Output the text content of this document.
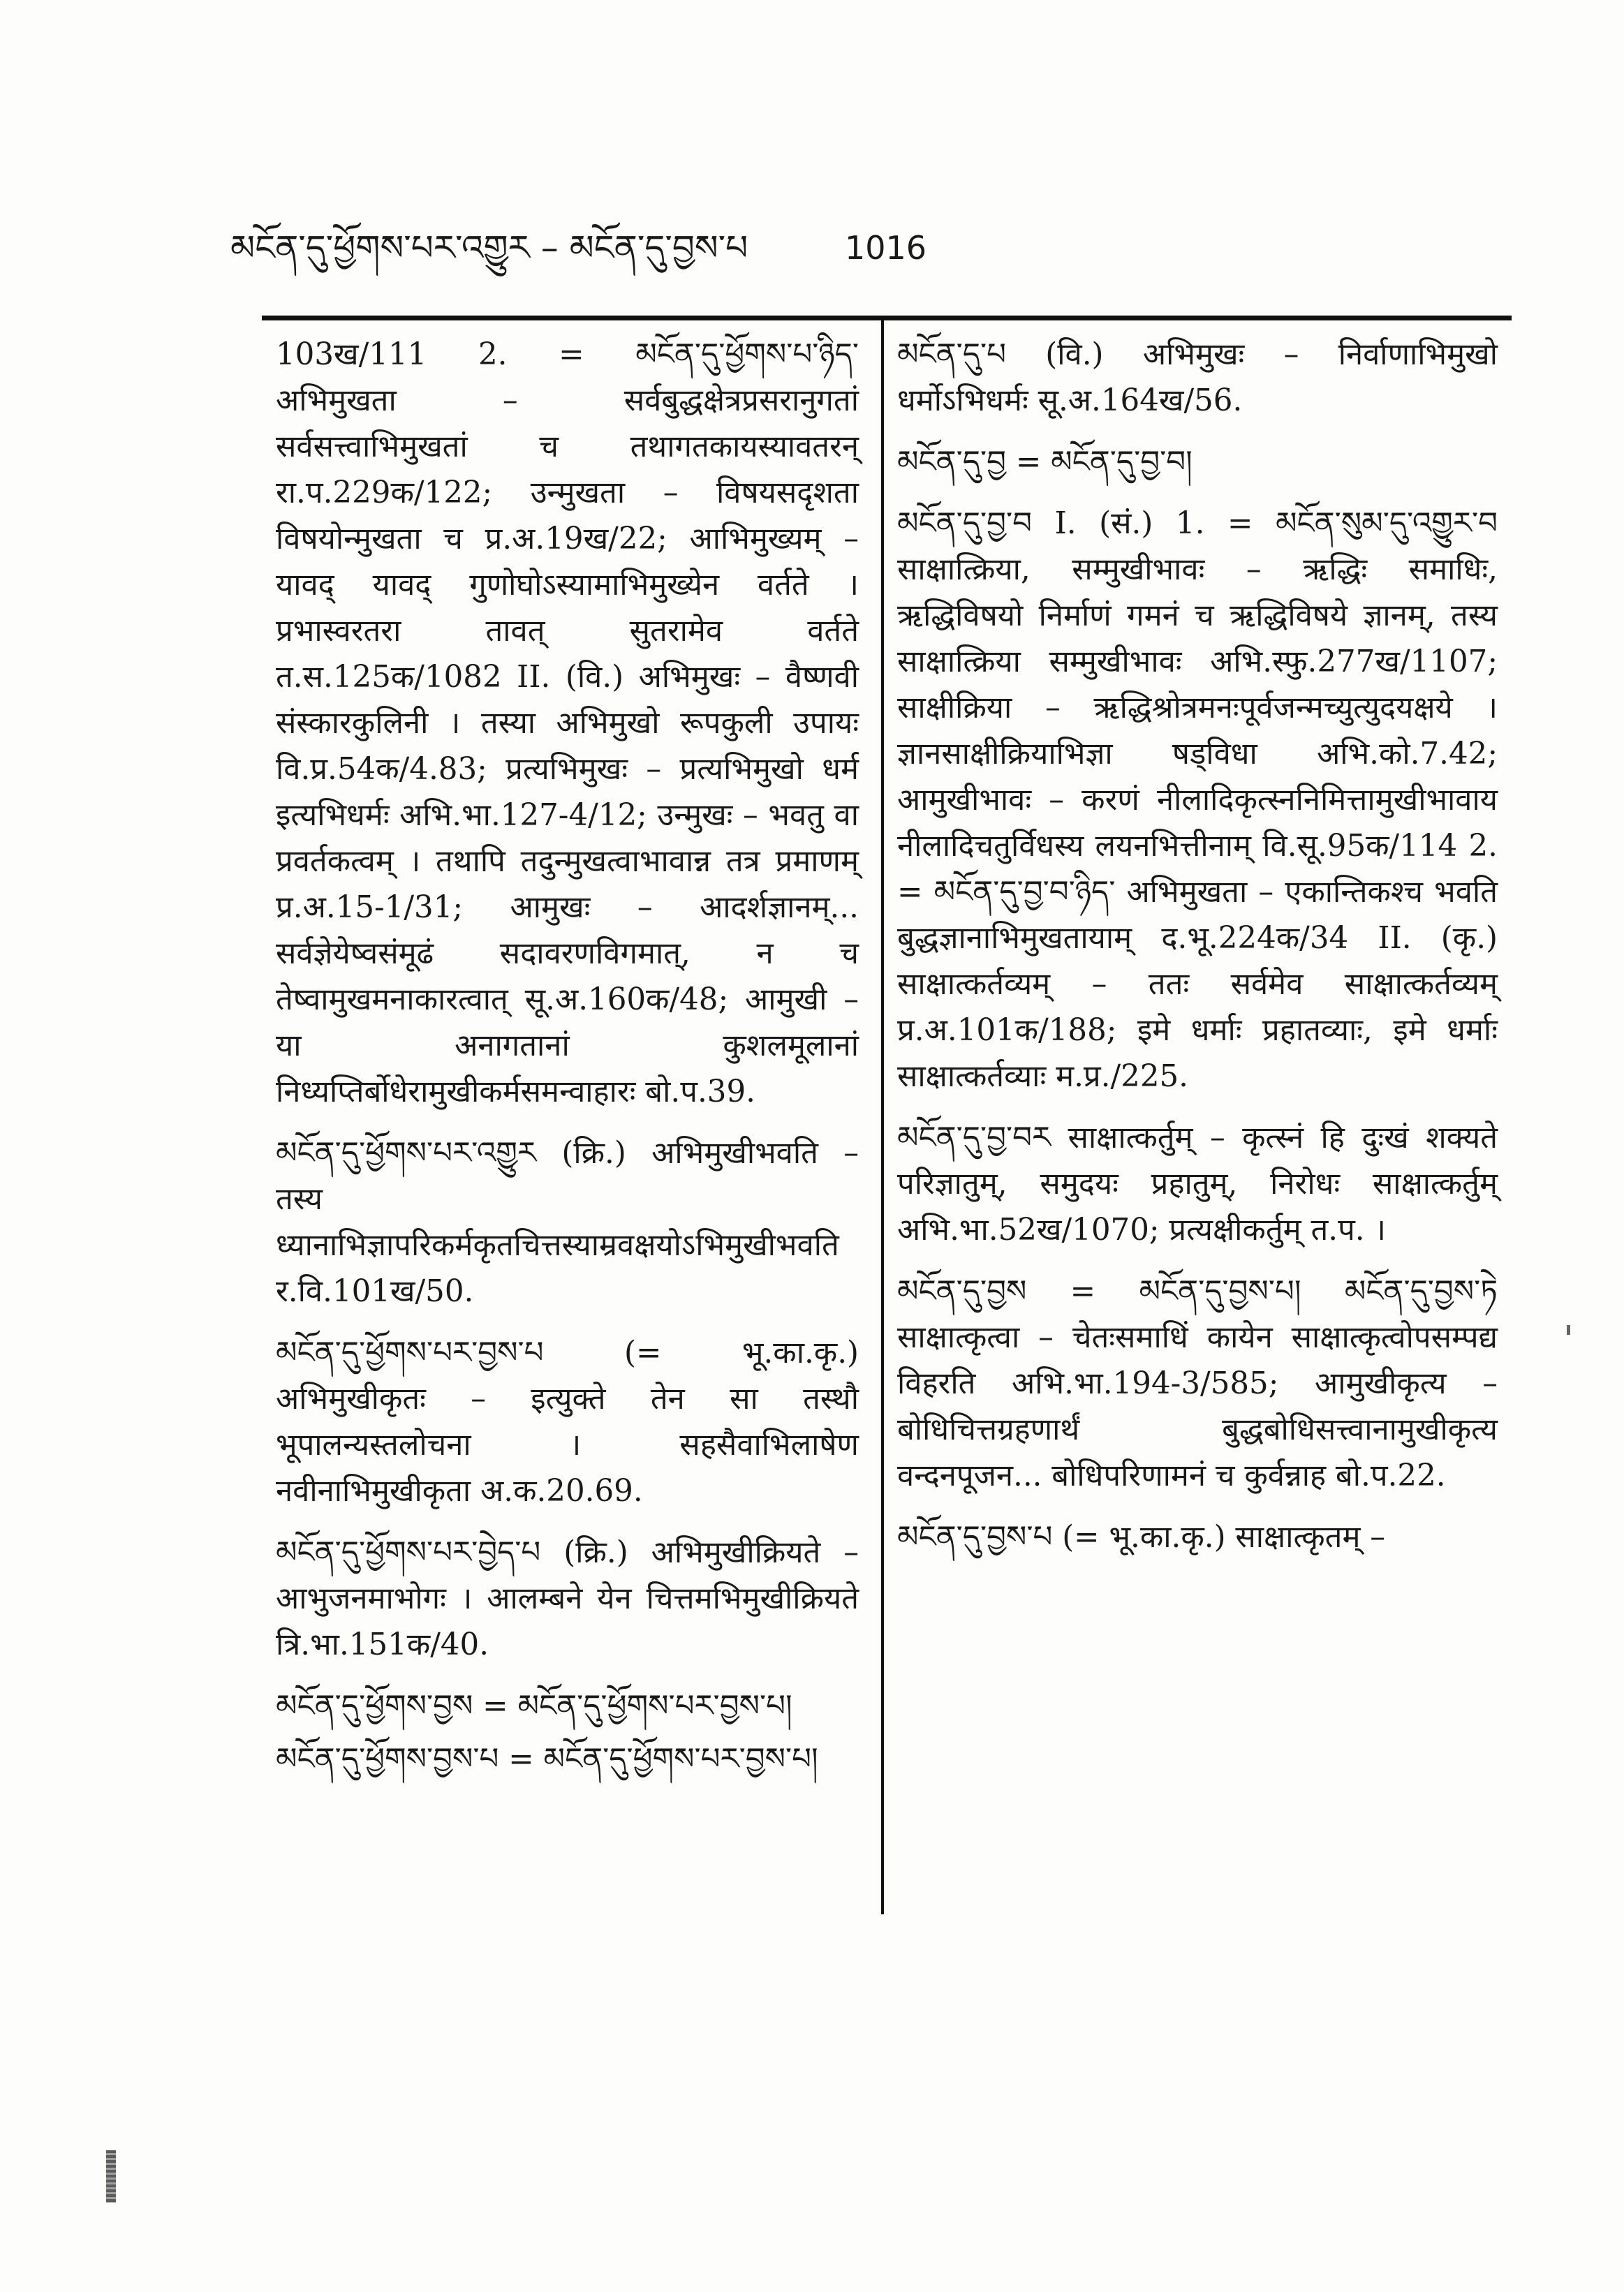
མངོན་དུ་ཕྱོགས་པར་འགྱུར – མངོན་དུ་བྱས་པ	1016

103ख/111 2. = མངོན་དུ་ཕྱོགས་པ་ཉིད་ अभिमुखता – सर्वबुद्धक्षेत्रप्रसरानुगतां सर्वसत्त्वाभिमुखतां च तथागतकायस्यावतरन् रा.प.229क/122; उन्मुखता – विषयसदृशता विषयोन्मुखता च प्र.अ.19ख/22; आभिमुख्यम् – यावद् यावद् गुणोघोऽस्यामाभिमुख्येन वर्तते । प्रभास्वरतरा तावत् सुतरामेव वर्तते त.स.125क/1082 II. (वि.) अभिमुखः – वैष्णवी संस्कारकुलिनी । तस्या अभिमुखो रूपकुली उपायः वि.प्र.54क/4.83; प्रत्यभिमुखः – प्रत्यभिमुखो धर्म इत्यभिधर्मः अभि.भा.127-4/12; उन्मुखः – भवतु वा प्रवर्तकत्वम् । तथापि तदुन्मुखत्वाभावान्न तत्र प्रमाणम् प्र.अ.15-1/31; आमुखः – आदर्शज्ञानम्... सर्वज्ञेयेष्वसंमूढं सदावरणविगमात्, न च तेष्वामुखमनाकारत्वात् सू.अ.160क/48; आमुखी – या अनागतानां कुशलमूलानां निध्यप्तिर्बोधेरामुखीकर्मसमन्वाहारः बो.प.39.

མངོན་དུ་ཕྱོགས་པར་འགྱུར (क्रि.) अभिमुखीभवति – तस्य ध्यानाभिज्ञापरिकर्मकृतचित्तस्याम्रवक्षयोऽभिमुखीभवति र.वि.101ख/50.

མངོན་དུ་ཕྱོགས་པར་བྱས་པ (= भू.का.कृ.) अभिमुखीकृतः – इत्युक्ते तेन सा तस्थौ भूपालन्यस्तलोचना । सहसैवाभिलाषेण नवीनाभिमुखीकृता अ.क.20.69.

མངོན་དུ་ཕྱོགས་པར་བྱེད་པ (क्रि.) अभिमुखीक्रियते – आभुजनमाभोगः । आलम्बने येन चित्तमभिमुखीक्रियते त्रि.भा.151क/40.

མངོན་དུ་ཕྱོགས་བྱས = མངོན་དུ་ཕྱོགས་པར་བྱས་པ།

མངོན་དུ་ཕྱོགས་བྱས་པ = མངོན་དུ་ཕྱོགས་པར་བྱས་པ།

མངོན་དུ་པ (वि.) अभिमुखः – निर्वाणाभिमुखो धर्मोऽभिधर्मः सू.अ.164ख/56.

མངོན་དུ་བྱ = མངོན་དུ་བྱ་བ།

མངོན་དུ་བྱ་བ I. (सं.) 1. = མངོན་སུམ་དུ་འགྱུར་བ साक्षात्क्रिया, सम्मुखीभावः – ऋद्धिः समाधिः, ऋद्धिविषयो निर्माणं गमनं च ऋद्धिविषये ज्ञानम्, तस्य साक्षात्क्रिया सम्मुखीभावः अभि.स्फु.277ख/1107; साक्षीक्रिया – ऋद्धिश्रोत्रमनःपूर्वजन्मच्युत्युदयक्षये । ज्ञानसाक्षीक्रियाभिज्ञा षड्विधा अभि.को.7.42; आमुखीभावः – करणं नीलादिकृत्स्ननिमित्तामुखीभावाय नीलादिचतुर्विधस्य लयनभित्तीनाम् वि.सू.95क/114 2. = མངོན་དུ་བྱ་བ་ཉིད་ अभिमुखता – एकान्तिकश्च भवति बुद्धज्ञानाभिमुखतायाम् द.भू.224क/34 II. (कृ.) साक्षात्कर्तव्यम् – ततः सर्वमेव साक्षात्कर्तव्यम् प्र.अ.101क/188; इमे धर्माः प्रहातव्याः, इमे धर्माः साक्षात्कर्तव्याः म.प्र./225.

མངོན་དུ་བྱ་བར साक्षात्कर्तुम् – कृत्स्नं हि दुःखं शक्यते परिज्ञातुम्, समुदयः प्रहातुम्, निरोधः साक्षात्कर्तुम् अभि.भा.52ख/1070; प्रत्यक्षीकर्तुम् त.प. ।

མངོན་དུ་བྱས = མངོན་དུ་བྱས་པ། མངོན་དུ་བྱས་ཏེ साक्षात्कृत्वा – चेतःसमाधिं कायेन साक्षात्कृत्वोपसम्पद्य विहरति अभि.भा.194-3/585; आमुखीकृत्य – बोधिचित्तग्रहणार्थं बुद्धबोधिसत्त्वानामुखीकृत्य वन्दनपूजन... बोधिपरिणामनं च कुर्वन्नाह बो.प.22.

མངོན་དུ་བྱས་པ (= भू.का.कृ.) साक्षात्कृतम् –
